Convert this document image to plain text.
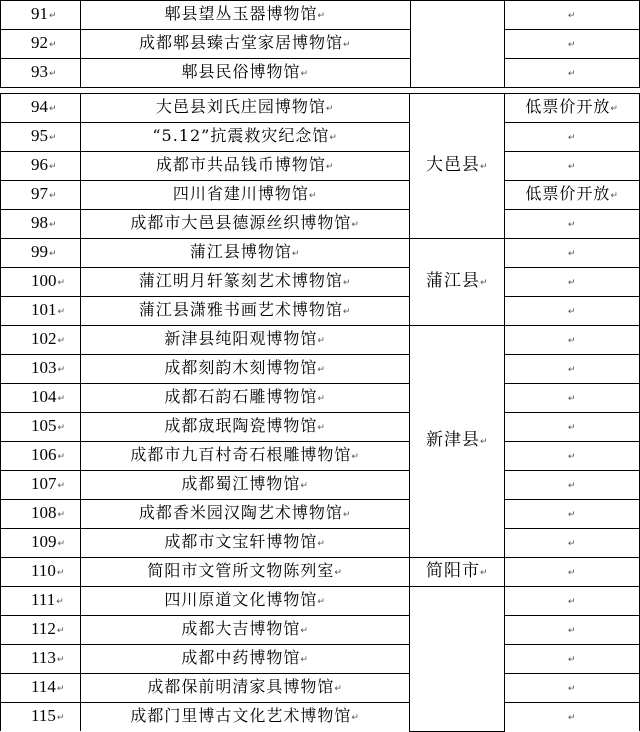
91↵	郫县望丛玉器博物馆↵		↵
92↵	成都郫县臻古堂家居博物馆↵		↵
93↵	郫县民俗博物馆↵		↵
94↵	大邑县刘氏庄园博物馆↵	大邑县↵	低票价开放↵
95↵	“5.12”抗震救灾纪念馆↵		↵
96↵	成都市共品钱币博物馆↵		↵
97↵	四川省建川博物馆↵		低票价开放↵
98↵	成都市大邑县德源丝织博物馆↵		↵
99↵	蒲江县博物馆↵	蒲江县↵	↵
100↵	蒲江明月轩篆刻艺术博物馆↵		↵
101↵	蒲江县潇雅书画艺术博物馆↵		↵
102↵	新津县纯阳观博物馆↵	新津县↵	↵
103↵	成都刻韵木刻博物馆↵		↵
104↵	成都石韵石雕博物馆↵		↵
105↵	成都宬珉陶瓷博物馆↵		↵
106↵	成都市九百村奇石根雕博物馆↵		↵
107↵	成都蜀江博物馆↵		↵
108↵	成都香米园汉陶艺术博物馆↵		↵
109↵	成都市文宝轩博物馆↵		↵
110↵	简阳市文管所文物陈列室↵	简阳市↵	↵
111↵	四川原道文化博物馆↵		↵
112↵	成都大吉博物馆↵		↵
113↵	成都中药博物馆↵		↵
114↵	成都保前明清家具博物馆↵		↵
115↵	成都门里博古文化艺术博物馆↵		↵
